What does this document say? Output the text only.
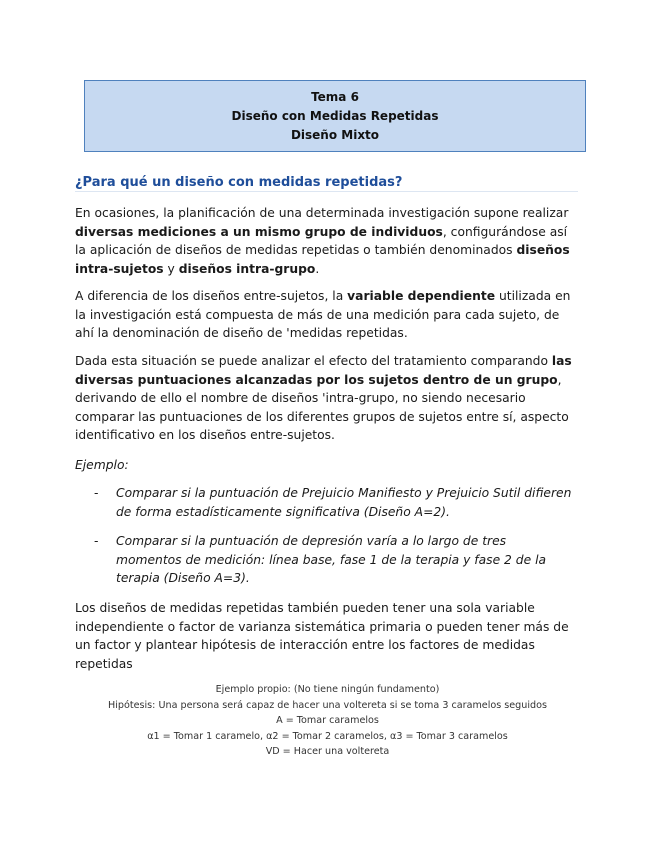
Tema 6
Diseño con Medidas Repetidas
Diseño Mixto
¿Para qué un diseño con medidas repetidas?

En ocasiones, la planificación de una determinada investigación supone realizar diversas mediciones a un mismo grupo de individuos, configurándose así la aplicación de diseños de medidas repetidas o también denominados diseños intra-sujetos y diseños intra-grupo.

A diferencia de los diseños entre-sujetos, la variable dependiente utilizada en la investigación está compuesta de más de una medición para cada sujeto, de ahí la denominación de diseño de 'medidas repetidas.

Dada esta situación se puede analizar el efecto del tratamiento comparando las diversas puntuaciones alcanzadas por los sujetos dentro de un grupo, derivando de ello el nombre de diseños 'intra-grupo, no siendo necesario comparar las puntuaciones de los diferentes grupos de sujetos entre sí, aspecto identificativo en los diseños entre-sujetos.

Ejemplo:
- Comparar si la puntuación de Prejuicio Manifiesto y Prejuicio Sutil difieren de forma estadísticamente significativa (Diseño A=2).
- Comparar si la puntuación de depresión varía a lo largo de tres momentos de medición: línea base, fase 1 de la terapia y fase 2 de la terapia (Diseño A=3).

Los diseños de medidas repetidas también pueden tener una sola variable independiente o factor de varianza sistemática primaria o pueden tener más de un factor y plantear hipótesis de interacción entre los factores de medidas repetidas

Ejemplo propio: (No tiene ningún fundamento)
Hipótesis: Una persona será capaz de hacer una voltereta si se toma 3 caramelos seguidos
A = Tomar caramelos
α1 = Tomar 1 caramelo, α2 = Tomar 2 caramelos, α3 = Tomar 3 caramelos
VD = Hacer una voltereta
